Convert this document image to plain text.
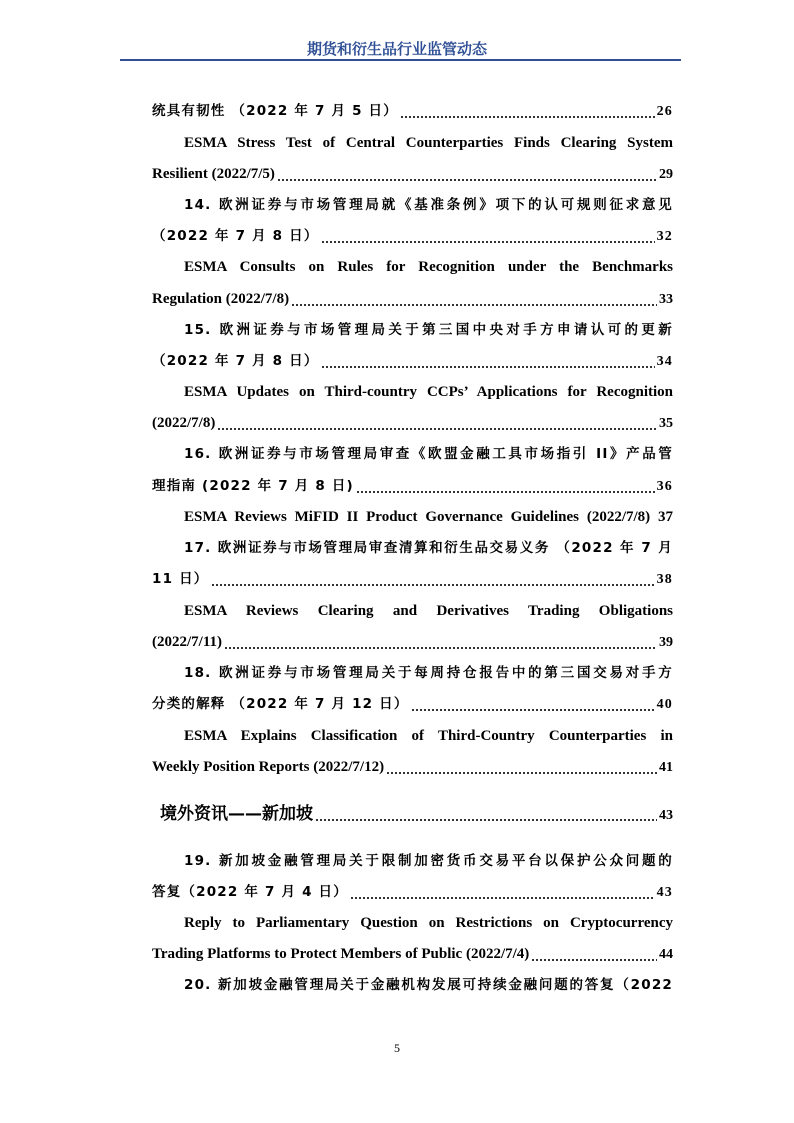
期货和衍生品行业监管动态
统具有韧性 （2022 年 7 月 5 日）	26
ESMA Stress Test of Central Counterparties Finds Clearing System
Resilient (2022/7/5)	29
14. 欧洲证券与市场管理局就《基准条例》项下的认可规则征求意见
（2022 年 7 月 8 日）	32
ESMA Consults on Rules for Recognition under the Benchmarks
Regulation (2022/7/8)	33
15. 欧洲证券与市场管理局关于第三国中央对手方申请认可的更新
（2022 年 7 月 8 日）	34
ESMA Updates on Third-country CCPs’ Applications for Recognition
(2022/7/8)	35
16. 欧洲证券与市场管理局审查《欧盟金融工具市场指引 II》产品管
理指南 (2022 年 7 月 8 日)	36
ESMA Reviews MiFID II Product Governance Guidelines (2022/7/8) 37
17. 欧洲证券与市场管理局审查清算和衍生品交易义务 （2022 年 7 月
11 日）	38
ESMA Reviews Clearing and Derivatives Trading Obligations
(2022/7/11)	39
18. 欧洲证券与市场管理局关于每周持仓报告中的第三国交易对手方
分类的解释 （2022 年 7 月 12 日）	40
ESMA Explains Classification of Third-Country Counterparties in
Weekly Position Reports (2022/7/12)	41
境外资讯——新加坡	43
19. 新加坡金融管理局关于限制加密货币交易平台以保护公众问题的
答复（2022 年 7 月 4 日）	43
Reply to Parliamentary Question on Restrictions on Cryptocurrency
Trading Platforms to Protect Members of Public (2022/7/4)	44
20. 新加坡金融管理局关于金融机构发展可持续金融问题的答复（2022
5
